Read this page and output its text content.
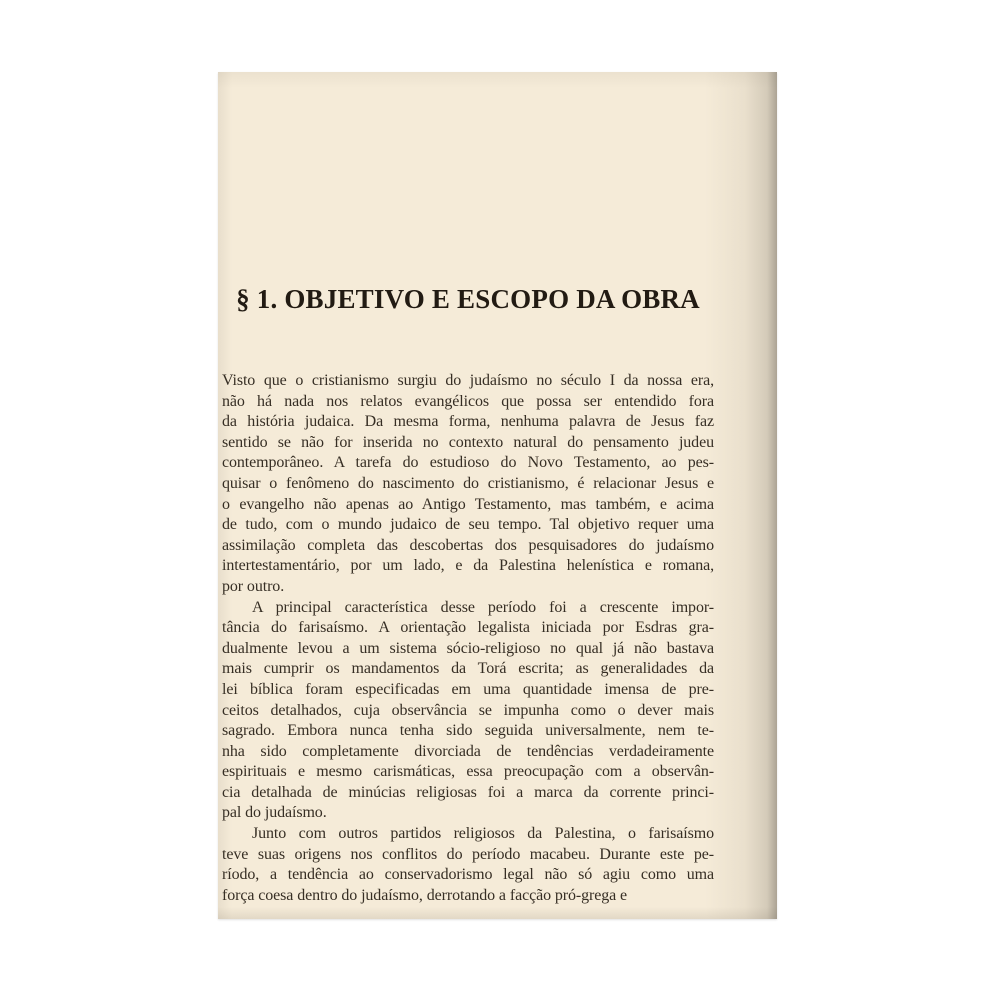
§ 1. OBJETIVO E ESCOPO DA OBRA
Visto que o cristianismo surgiu do judaísmo no século I da nossa era,
não há nada nos relatos evangélicos que possa ser entendido fora
da história judaica. Da mesma forma, nenhuma palavra de Jesus faz
sentido se não for inserida no contexto natural do pensamento judeu
contemporâneo. A tarefa do estudioso do Novo Testamento, ao pes-
quisar o fenômeno do nascimento do cristianismo, é relacionar Jesus e
o evangelho não apenas ao Antigo Testamento, mas também, e acima
de tudo, com o mundo judaico de seu tempo. Tal objetivo requer uma
assimilação completa das descobertas dos pesquisadores do judaísmo
intertestamentário, por um lado, e da Palestina helenística e romana,
por outro.
A principal característica desse período foi a crescente impor-
tância do farisaísmo. A orientação legalista iniciada por Esdras gra-
dualmente levou a um sistema sócio-religioso no qual já não bastava
mais cumprir os mandamentos da Torá escrita; as generalidades da
lei bíblica foram especificadas em uma quantidade imensa de pre-
ceitos detalhados, cuja observância se impunha como o dever mais
sagrado. Embora nunca tenha sido seguida universalmente, nem te-
nha sido completamente divorciada de tendências verdadeiramente
espirituais e mesmo carismáticas, essa preocupação com a observân-
cia detalhada de minúcias religiosas foi a marca da corrente princi-
pal do judaísmo.
Junto com outros partidos religiosos da Palestina, o farisaísmo
teve suas origens nos conflitos do período macabeu. Durante este pe-
ríodo, a tendência ao conservadorismo legal não só agiu como uma
força coesa dentro do judaísmo, derrotando a facção pró-grega e
